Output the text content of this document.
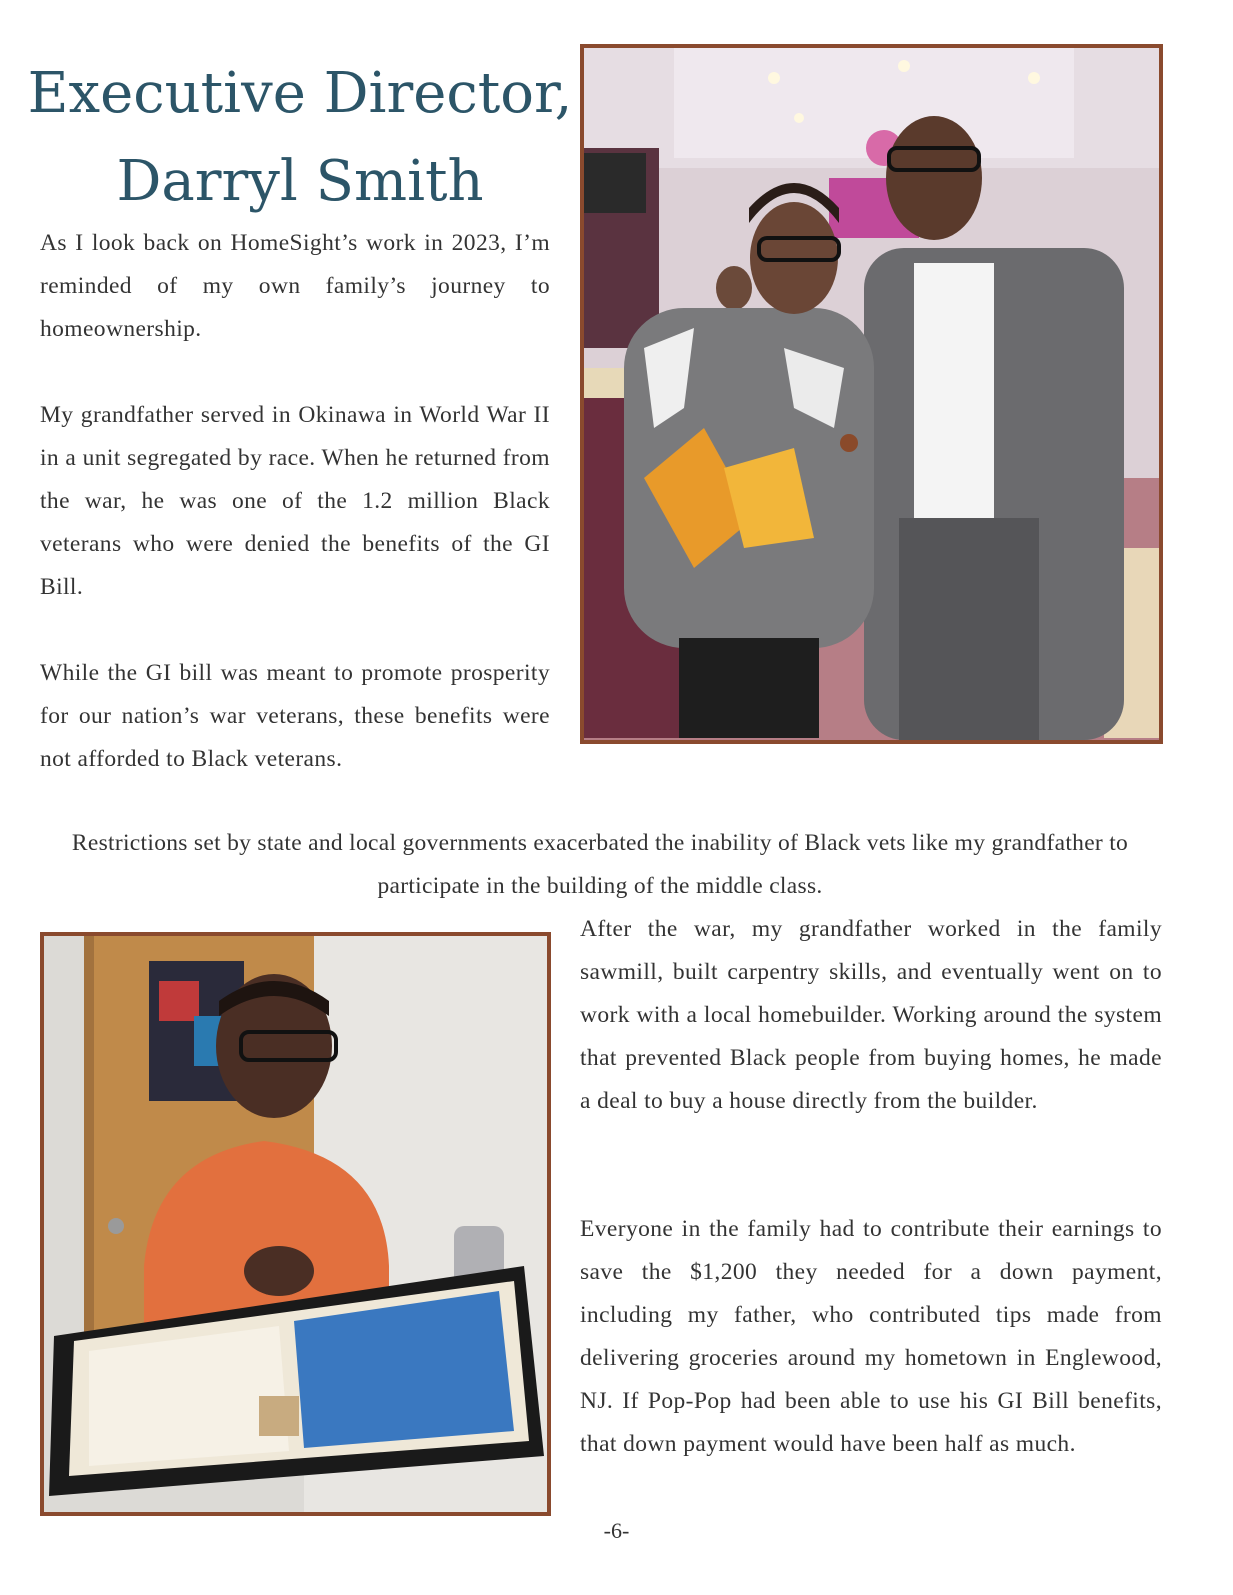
Executive Director,
Darryl Smith

As I look back on HomeSight’s work in 2023, I’m reminded of my own family’s journey to homeownership.

My grandfather served in Okinawa in World War II in a unit segregated by race. When he returned from the war, he was one of the 1.2 million Black veterans who were denied the benefits of the GI Bill.

While the GI bill was meant to promote prosperity for our nation’s war veterans, these benefits were not afforded to Black veterans.

Restrictions set by state and local governments exacerbated the inability of Black vets like my grandfather to participate in the building of the middle class.

After the war, my grandfather worked in the family sawmill, built carpentry skills, and eventually went on to work with a local homebuilder. Working around the system that prevented Black people from buying homes, he made a deal to buy a house directly from the builder.

Everyone in the family had to contribute their earnings to save the $1,200 they needed for a down payment, including my father, who contributed tips made from delivering groceries around my hometown in Englewood, NJ. If Pop-Pop had been able to use his GI Bill benefits, that down payment would have been half as much.

-6-
